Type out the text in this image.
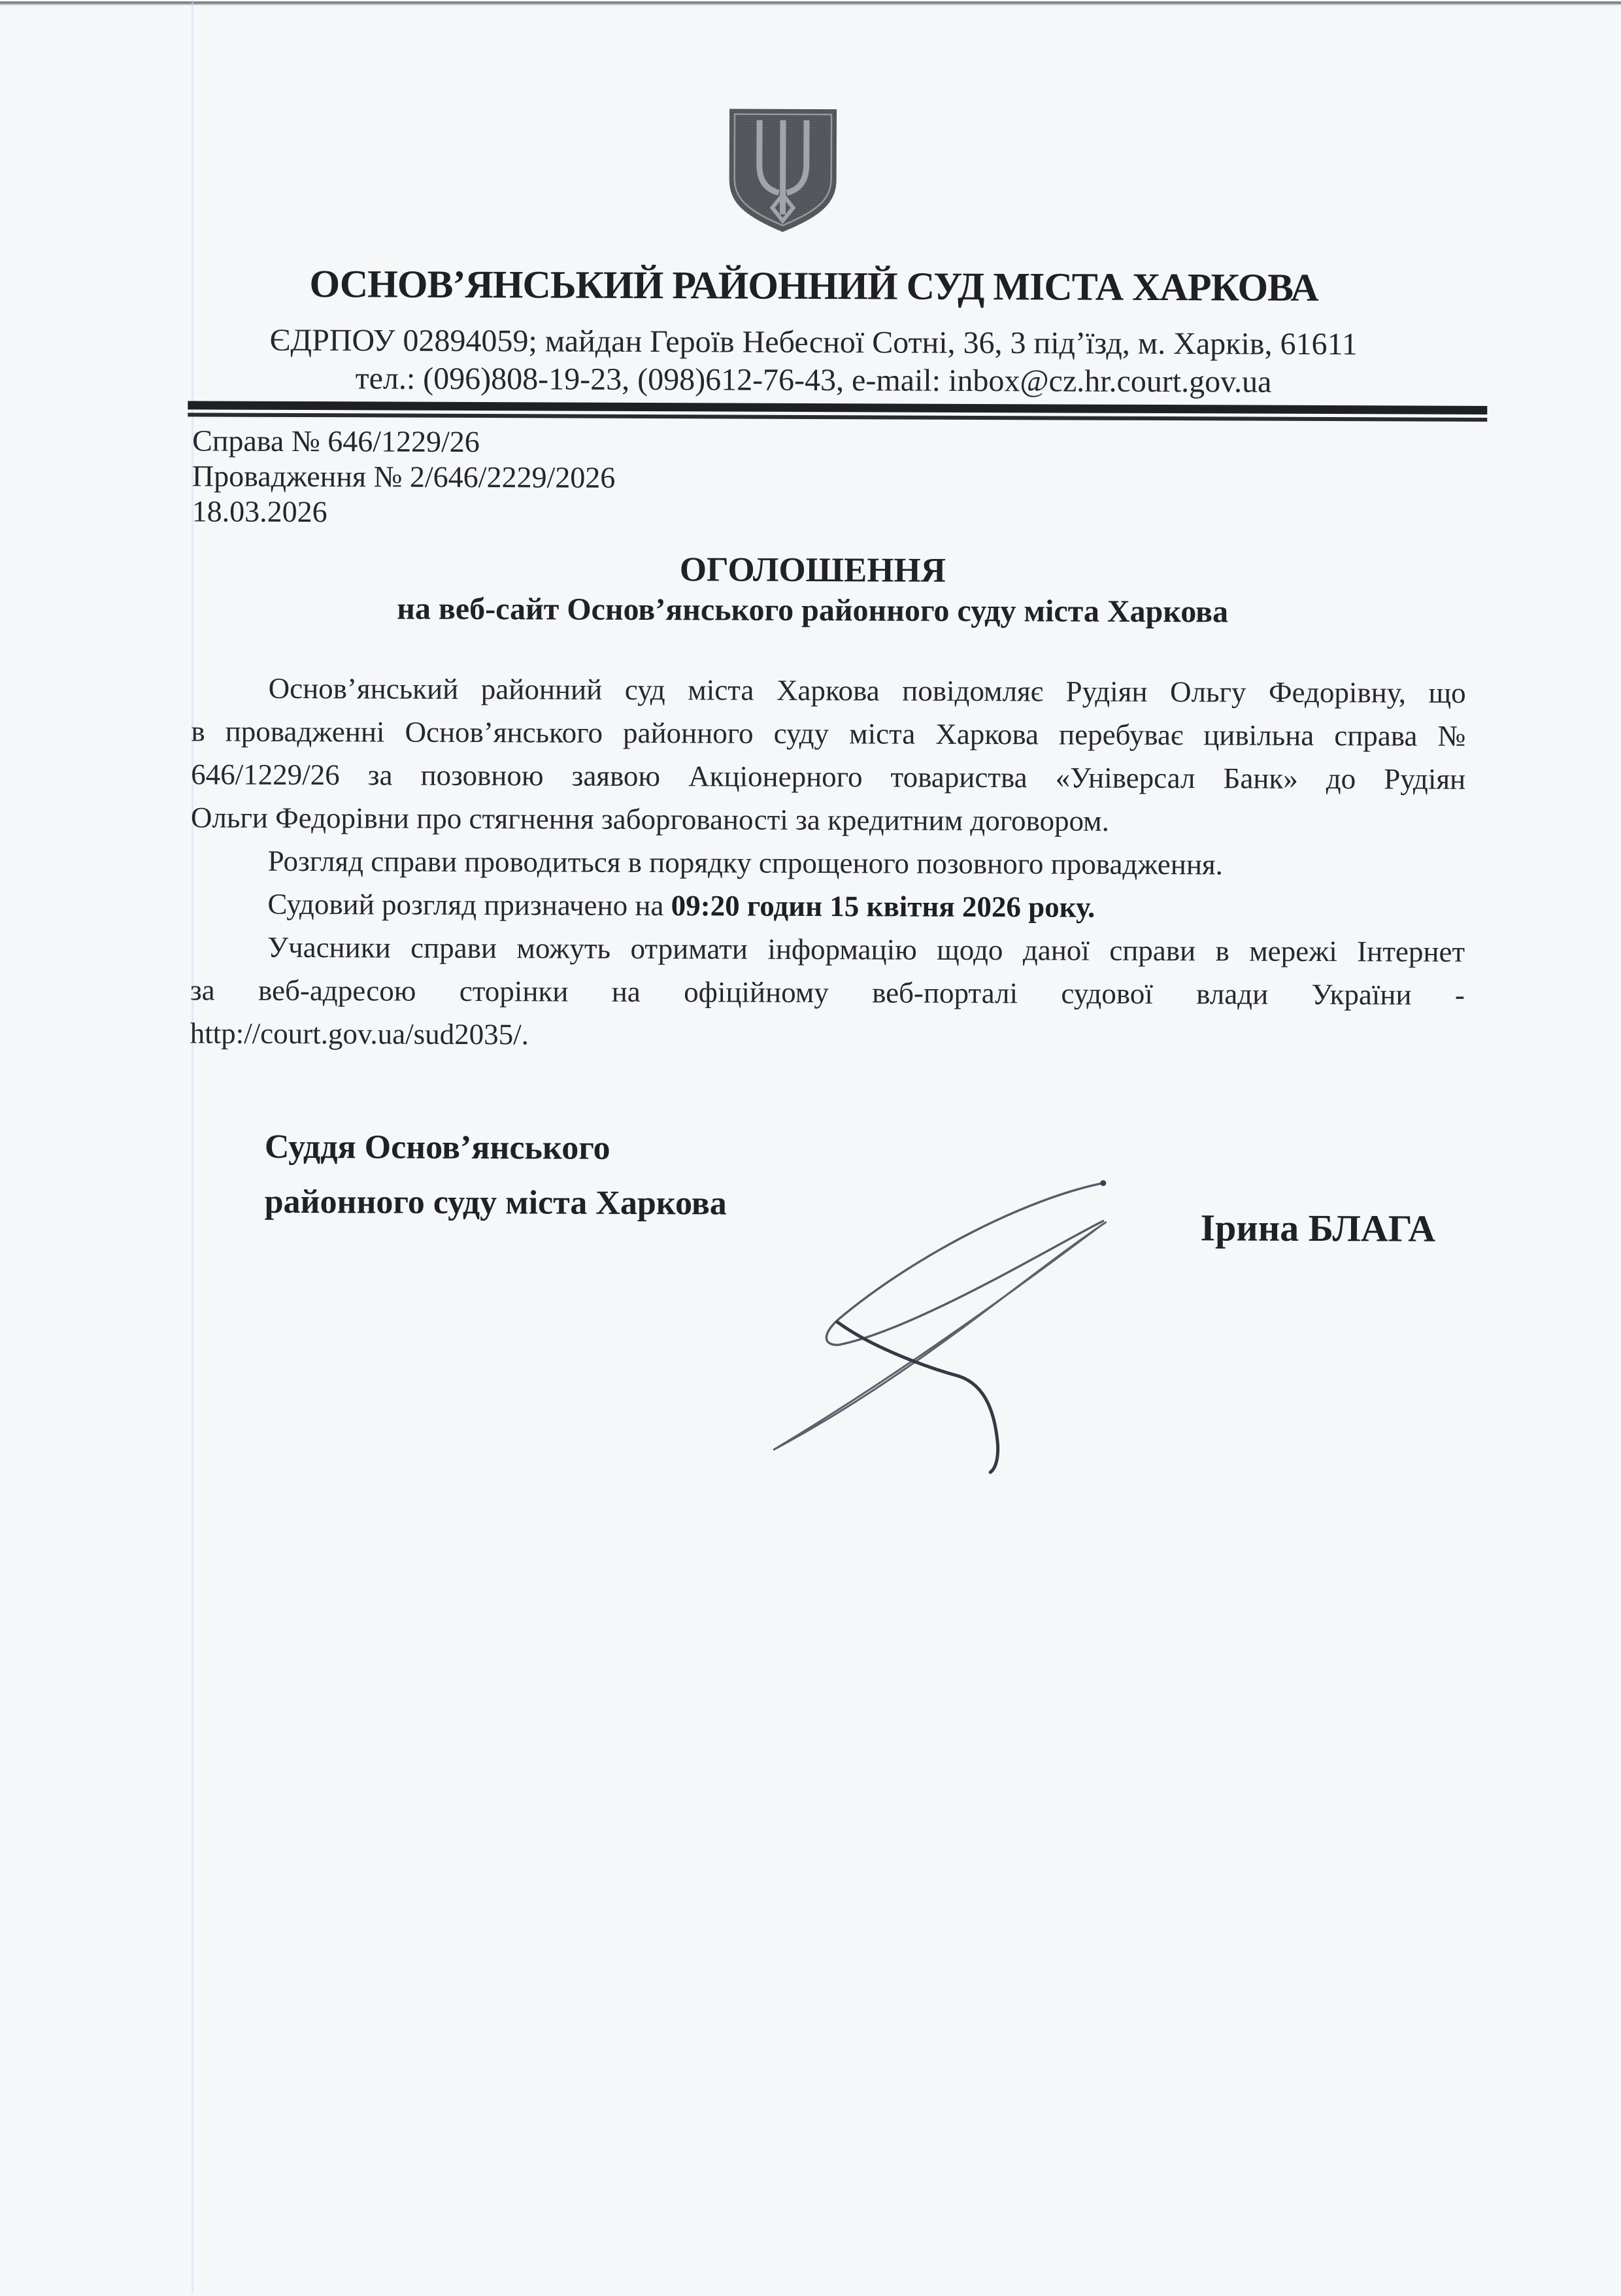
ОСНОВ’ЯНСЬКИЙ РАЙОННИЙ СУД МІСТА ХАРКОВА
ЄДРПОУ 02894059; майдан Героїв Небесної Сотні, 36, 3 під’їзд, м. Харків, 61611
тел.: (096)808-19-23, (098)612-76-43, e-mail: inbox@cz.hr.court.gov.ua
Справа № 646/1229/26
Провадження № 2/646/2229/2026
18.03.2026
ОГОЛОШЕННЯ
на веб-сайт Основ’янського районного суду міста Харкова
Основ’янський районний суд міста Харкова повідомляє Рудіян Ольгу Федорівну, що
в провадженні Основ’янського районного суду міста Харкова перебуває цивільна справа №
646/1229/26 за позовною заявою Акціонерного товариства «Універсал Банк» до Рудіян
Ольги Федорівни про стягнення заборгованості за кредитним договором.
Розгляд справи проводиться в порядку спрощеного позовного провадження.
Судовий розгляд призначено на 09:20 годин 15 квітня 2026 року.
Учасники справи можуть отримати інформацію щодо даної справи в мережі Інтернет
за веб-адресою сторінки на офіційному веб-порталі судової влади України -
http://court.gov.ua/sud2035/.
Суддя Основ’янського
районного суду міста Харкова
Ірина БЛАГА
